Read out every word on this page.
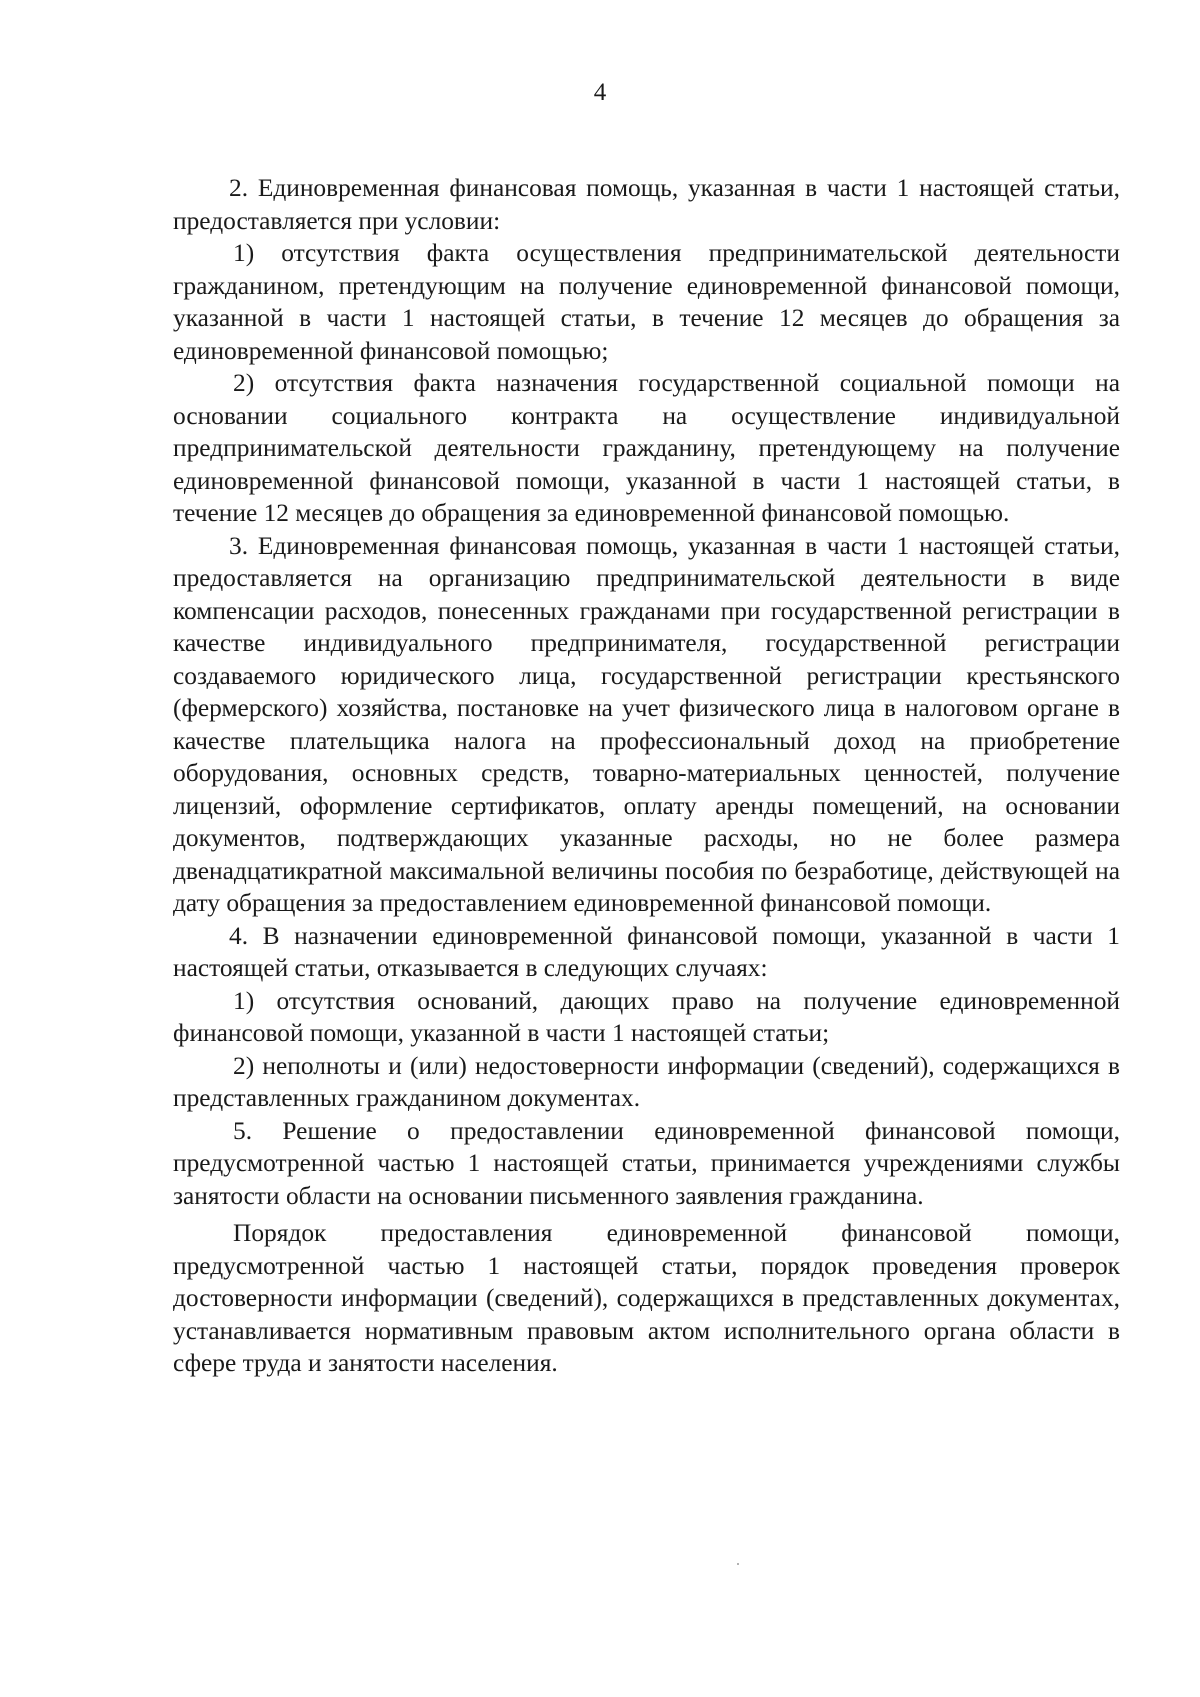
4

2. Единовременная финансовая помощь, указанная в части 1 настоящей статьи, предоставляется при условии:

1) отсутствия факта осуществления предпринимательской деятельности гражданином, претендующим на получение единовременной финансовой помощи, указанной в части 1 настоящей статьи, в течение 12 месяцев до обращения за единовременной финансовой помощью;

2) отсутствия факта назначения государственной социальной помощи на основании социального контракта на осуществление индивидуальной предпринимательской деятельности гражданину, претендующему на получение единовременной финансовой помощи, указанной в части 1 настоящей статьи, в течение 12 месяцев до обращения за единовременной финансовой помощью.

3. Единовременная финансовая помощь, указанная в части 1 настоящей статьи, предоставляется на организацию предпринимательской деятельности в виде компенсации расходов, понесенных гражданами при государственной регистрации в качестве индивидуального предпринимателя, государственной регистрации создаваемого юридического лица, государственной регистрации крестьянского (фермерского) хозяйства, постановке на учет физического лица в налоговом органе в качестве плательщика налога на профессиональный доход на приобретение оборудования, основных средств, товарно-материальных ценностей, получение лицензий, оформление сертификатов, оплату аренды помещений, на основании документов, подтверждающих указанные расходы, но не более размера двенадцатикратной максимальной величины пособия по безработице, действующей на дату обращения за предоставлением единовременной финансовой помощи.

4. В назначении единовременной финансовой помощи, указанной в части 1 настоящей статьи, отказывается в следующих случаях:

1) отсутствия оснований, дающих право на получение единовременной финансовой помощи, указанной в части 1 настоящей статьи;

2) неполноты и (или) недостоверности информации (сведений), содержащихся в представленных гражданином документах.

5. Решение о предоставлении единовременной финансовой помощи, предусмотренной частью 1 настоящей статьи, принимается учреждениями службы занятости области на основании письменного заявления гражданина.

Порядок предоставления единовременной финансовой помощи, предусмотренной частью 1 настоящей статьи, порядок проведения проверок достоверности информации (сведений), содержащихся в представленных документах, устанавливается нормативным правовым актом исполнительного органа области в сфере труда и занятости населения.
